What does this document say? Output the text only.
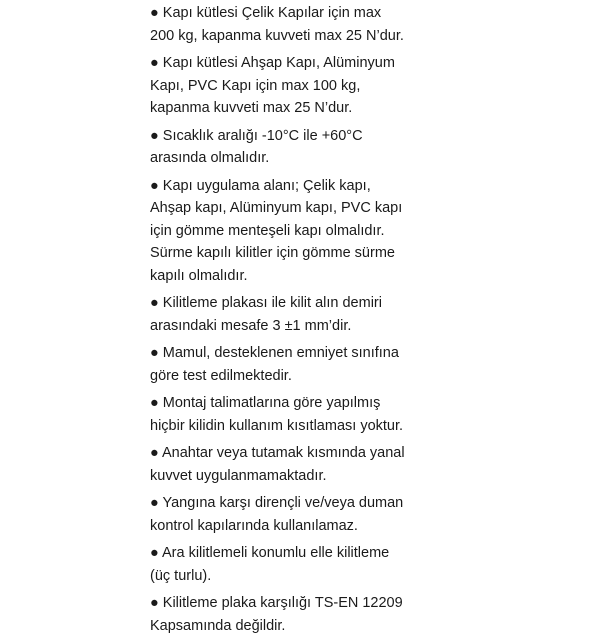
● Kapı kütlesi Çelik Kapılar için max
200 kg, kapanma kuvveti max 25 N’dur.
● Kapı kütlesi Ahşap Kapı, Alüminyum
Kapı, PVC Kapı için max 100 kg,
kapanma kuvveti max 25 N’dur.
● Sıcaklık aralığı -10°C ile +60°C
arasında olmalıdır.
● Kapı uygulama alanı; Çelik kapı,
Ahşap kapı, Alüminyum kapı, PVC kapı
için gömme menteşeli kapı olmalıdır.
Sürme kapılı kilitler için gömme sürme
kapılı olmalıdır.
● Kilitleme plakası ile kilit alın demiri
arasındaki mesafe 3 ±1 mm’dir.
● Mamul, desteklenen emniyet sınıfına
göre test edilmektedir.
● Montaj talimatlarına göre yapılmış
hiçbir kilidin kullanım kısıtlaması yoktur.
● Anahtar veya tutamak kısmında yanal
kuvvet uygulanmamaktadır.
● Yangına karşı dirençli ve/veya duman
kontrol kapılarında kullanılamaz.
● Ara kilitlemeli konumlu elle kilitleme
(üç turlu).
● Kilitleme plaka karşılığı TS-EN 12209
Kapsamında değildir.
